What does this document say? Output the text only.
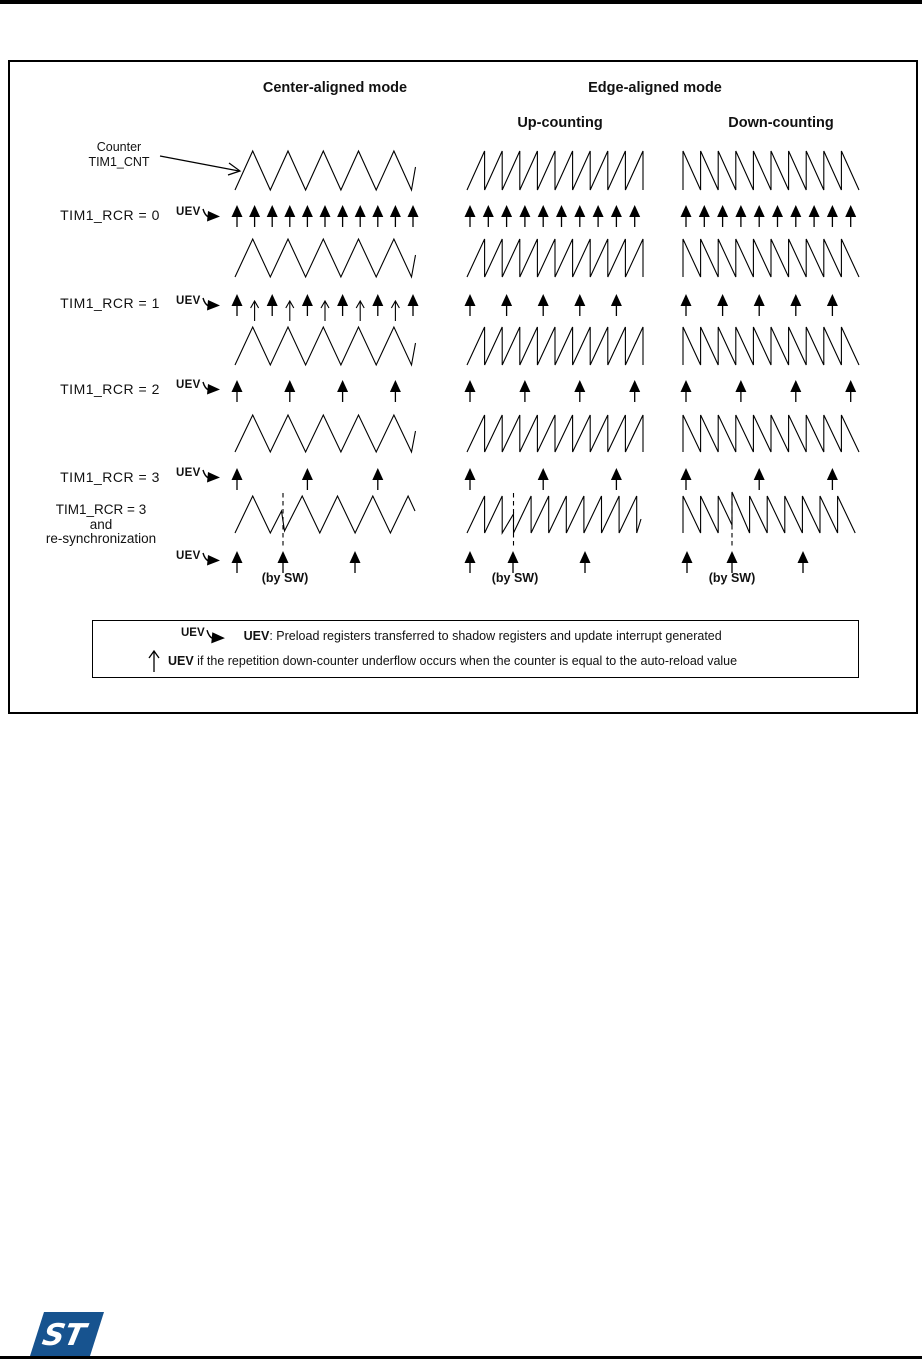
Center-aligned mode	Edge-aligned mode
Up-counting	Down-counting
Counter
TIM1_CNT
TIM1_RCR = 0
TIM1_RCR = 1
TIM1_RCR = 2
TIM1_RCR = 3
TIM1_RCR = 3
and
re-synchronization
UEV
UEV
UEV
UEV
UEV
(by SW)	(by SW)	(by SW)
UEV	UEV: Preload registers transferred to shadow registers and update interrupt generated
UEV if the repetition down-counter underflow occurs when the counter is equal to the auto-reload value
ST
